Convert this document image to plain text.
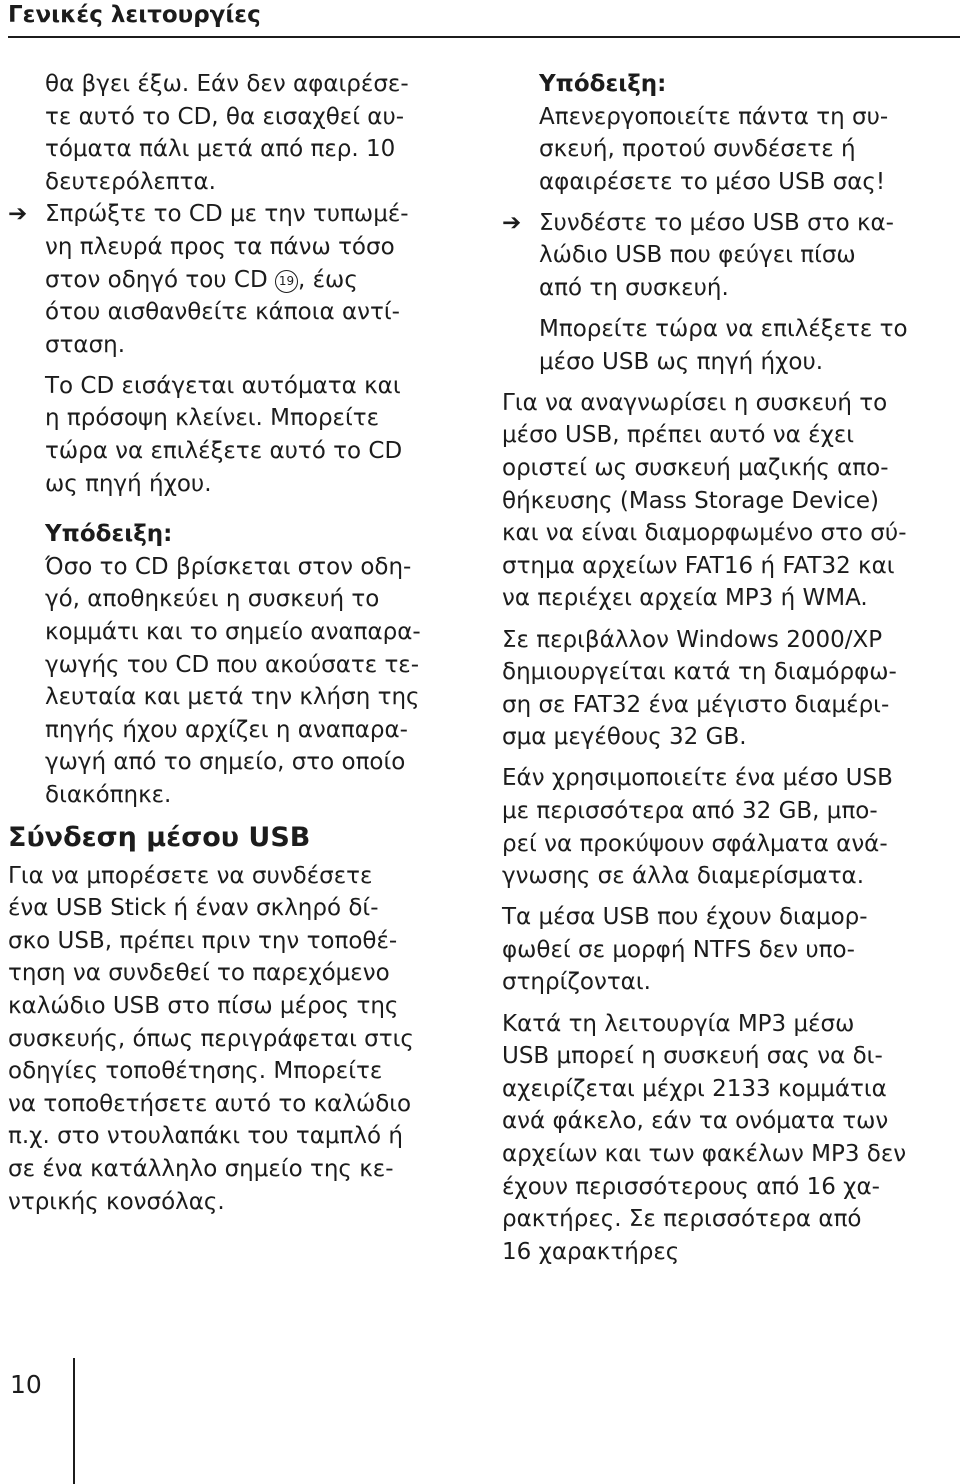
Γενικές λειτουργίες
θα βγει έξω. Εάν δεν αφαιρέσε-
τε αυτό το CD, θα εισαχθεί αυ-
τόματα πάλι μετά από περ. 10
δευτερόλεπτα.
➔ Σπρώξτε το CD με την τυπωμέ-
νη πλευρά προς τα πάνω τόσο
στον οδηγό του CD 19 , έως
ότου αισθανθείτε κάποια αντί-
σταση.
Το CD εισάγεται αυτόματα και
η πρόσοψη κλείνει. Μπορείτε
τώρα να επιλέξετε αυτό το CD
ως πηγή ήχου.
Υπόδειξη:
Όσο το CD βρίσκεται στον οδη-
γό, αποθηκεύει η συσκευή το
κομμάτι και το σημείο αναπαρα-
γωγής του CD που ακούσατε τε-
λευταία και μετά την κλήση της
πηγής ήχου αρχίζει η αναπαρα-
γωγή από το σημείο, στο οποίο
διακόπηκε.
Σύνδεση μέσου USB
Για να μπορέσετε να συνδέσετε
ένα USB Stick ή έναν σκληρό δί-
σκο USB, πρέπει πριν την τοποθέ-
τηση να συνδεθεί το παρεχόμενο
καλώδιο USB στο πίσω μέρος της
συσκευής, όπως περιγράφεται στις
οδηγίες τοποθέτησης. Μπορείτε
να τοποθετήσετε αυτό το καλώδιο
π.χ. στο ντουλαπάκι του ταμπλό ή
σε ένα κατάλληλο σημείο της κε-
ντρικής κονσόλας.
Υπόδειξη:
Απενεργοποιείτε πάντα τη συ-
σκευή, προτού συνδέσετε ή
αφαιρέσετε το μέσο USB σας!
➔ Συνδέστε το μέσο USB στο κα-
λώδιο USB που φεύγει πίσω
από τη συσκευή.
Μπορείτε τώρα να επιλέξετε το
μέσο USB ως πηγή ήχου.
Για να αναγνωρίσει η συσκευή το
μέσο USB, πρέπει αυτό να έχει
οριστεί ως συσκευή μαζικής απο-
θήκευσης (Mass Storage Device)
και να είναι διαμορφωμένο στο σύ-
στημα αρχείων FAT16 ή FAT32 και
να περιέχει αρχεία MP3 ή WMA.
Σε περιβάλλον Windows 2000/XP
δημιουργείται κατά τη διαμόρφω-
ση σε FAT32 ένα μέγιστο διαμέρι-
σμα μεγέθους 32 GB.
Εάν χρησιμοποιείτε ένα μέσο USB
με περισσότερα από 32 GB, μπο-
ρεί να προκύψουν σφάλματα ανά-
γνωσης σε άλλα διαμερίσματα.
Τα μέσα USB που έχουν διαμορ-
φωθεί σε μορφή NTFS δεν υπο-
στηρίζονται.
Κατά τη λειτουργία MP3 μέσω
USB μπορεί η συσκευή σας να δι-
αχειρίζεται μέχρι 2133 κομμάτια
ανά φάκελο, εάν τα ονόματα των
αρχείων και των φακέλων MP3 δεν
έχουν περισσότερους από 16 χα-
ρακτήρες. Σε περισσότερα από
16 χαρακτήρες
10
